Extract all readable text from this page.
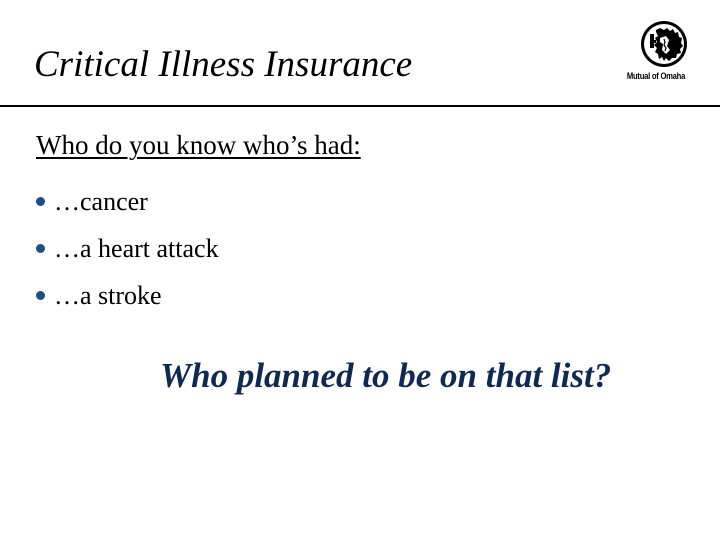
Critical Illness Insurance	Mutual of Omaha
Who do you know who’s had:
…cancer
…a heart attack
…a stroke
Who planned to be on that list?
